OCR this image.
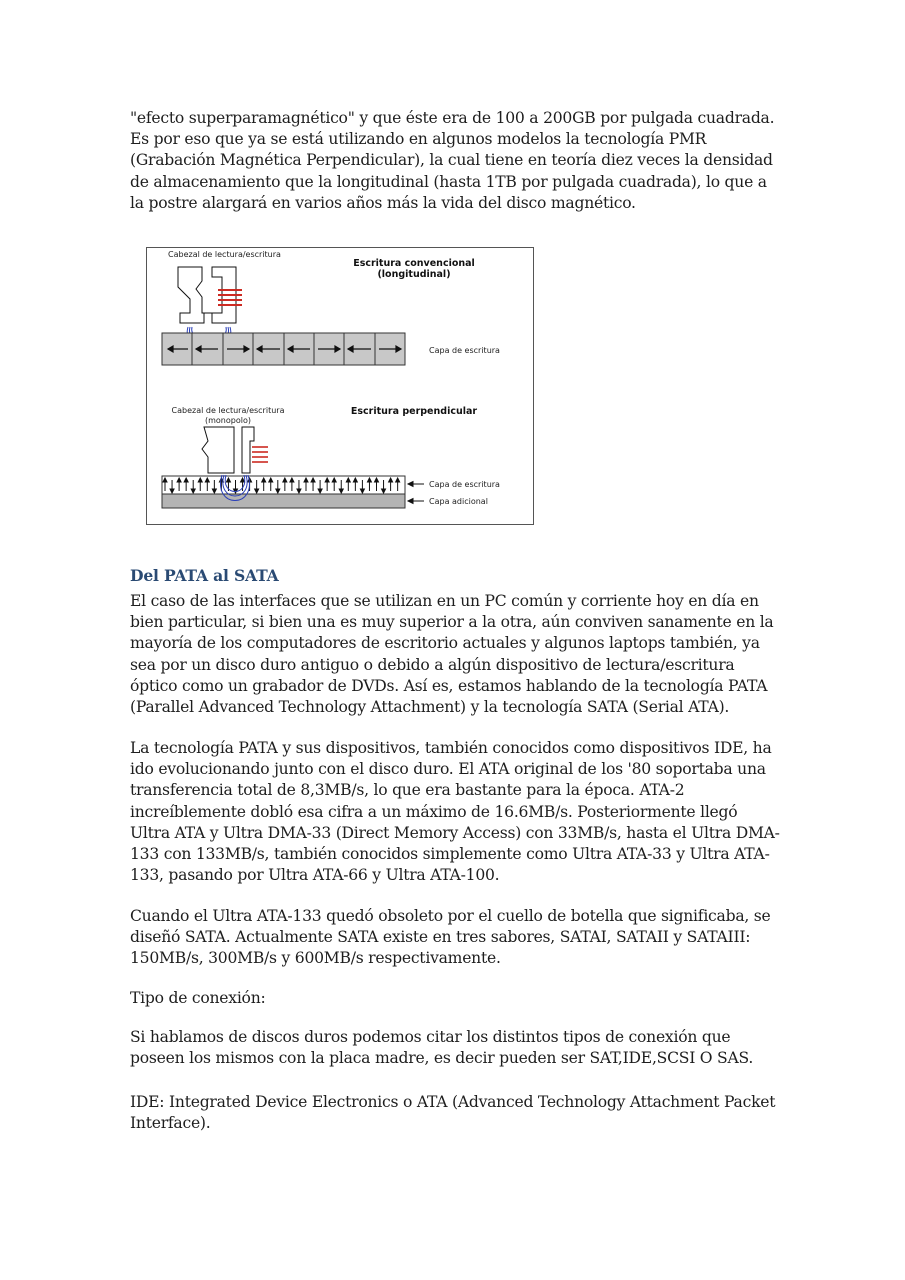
"efecto superparamagnético" y que éste era de 100 a 200GB por pulgada cuadrada. Es por eso que ya se está utilizando en algunos modelos la tecnología PMR (Grabación Magnética Perpendicular), la cual tiene en teoría diez veces la densidad de almacenamiento que la longitudinal (hasta 1TB por pulgada cuadrada), lo que a la postre alargará en varios años más la vida del disco magnético.

Cabezal de lectura/escritura
Escritura convencional
(longitudinal)
Capa de escritura
Cabezal de lectura/escritura
(monopolo)
Escritura perpendicular
Capa de escritura
Capa adicional
Del PATA al SATA

El caso de las interfaces que se utilizan en un PC común y corriente hoy en día en bien particular, si bien una es muy superior a la otra, aún conviven sanamente en la mayoría de los computadores de escritorio actuales y algunos laptops también, ya sea por un disco duro antiguo o debido a algún dispositivo de lectura/escritura óptico como un grabador de DVDs. Así es, estamos hablando de la tecnología PATA (Parallel Advanced Technology Attachment) y la tecnología SATA (Serial ATA).

La tecnología PATA y sus dispositivos, también conocidos como dispositivos IDE, ha ido evolucionando junto con el disco duro. El ATA original de los '80 soportaba una transferencia total de 8,3MB/s, lo que era bastante para la época. ATA-2 increíblemente dobló esa cifra a un máximo de 16.6MB/s. Posteriormente llegó Ultra ATA y Ultra DMA-33 (Direct Memory Access) con 33MB/s, hasta el Ultra DMA-133 con 133MB/s, también conocidos simplemente como Ultra ATA-33 y Ultra ATA-133, pasando por Ultra ATA-66 y Ultra ATA-100.

Cuando el Ultra ATA-133 quedó obsoleto por el cuello de botella que significaba, se diseñó SATA. Actualmente SATA existe en tres sabores, SATAI, SATAII y SATAIII: 150MB/s, 300MB/s y 600MB/s respectivamente.

Tipo de conexión:

Si hablamos de discos duros podemos citar los distintos tipos de conexión que poseen los mismos con la placa madre, es decir pueden ser SAT,IDE,SCSI O SAS.

IDE: Integrated Device Electronics o ATA (Advanced Technology Attachment Packet Interface).
